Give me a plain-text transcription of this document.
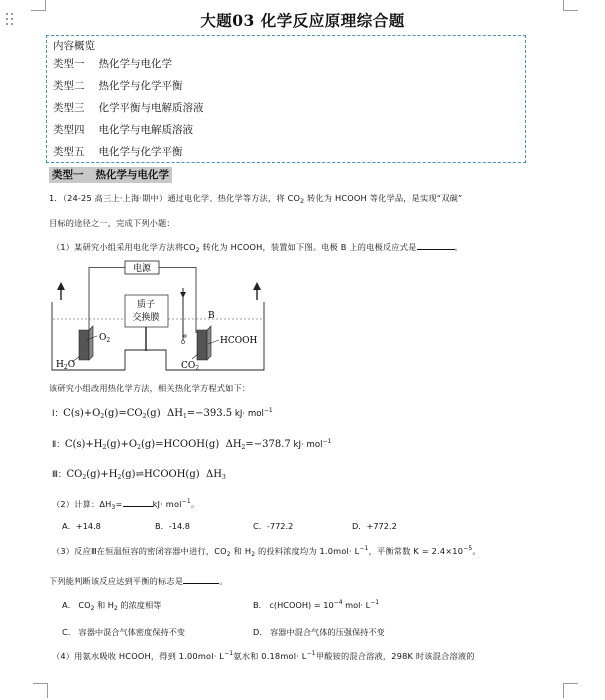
大题03 化学反应原理综合题
内容概览
类型一 热化学与电化学
类型二 热化学与化学平衡
类型三 化学平衡与电解质溶液
类型四 电化学与电解质溶液
类型五 电化学与化学平衡
类型一 热化学与电化学
1．（24-25 高三上·上海·期中）通过电化学、热化学等方法，将 $CO_2$ 转化为 HCOOH 等化学品，是实现“双碳”
目标的途径之一，完成下列小题：
（1）某研究小组采用电化学方法将$CO_2$ 转化为 HCOOH，装置如下图。电极 B 上的电极反应式是	。
电源
质子
交换膜	B
$O_2$	HCOOH
$H_2O$	$CO_2$
该研究小组改用热化学方法，相关热化学方程式如下：
Ⅰ：$C(s)+O_2(g)=CO_2(g)$ $\Delta H_1=-393.5$ kJ· mol$^{-1}$
Ⅱ：$C(s)+H_2(g)+O_2(g)=HCOOH(g)$ $\Delta H_2=-378.7$ kJ· mol$^{-1}$
Ⅲ：$CO_2(g)+H_2(g)\rightleftharpoons HCOOH(g)$ $\Delta H_3$
（2）计算：$\Delta H_3=$	kJ· mol$^{-1}$。
A．+14.8	B．-14.8	C．-772.2	D．+772.2
（3）反应Ⅲ在恒温恒容的密闭容器中进行，$CO_2$ 和 $H_2$ 的投料浓度均为 $1.0mol\cdot L^{-1}$，平衡常数 $K = 2.4\times 10^{-5}$。
下列能判断该反应达到平衡的标志是	。
A． $CO_2$ 和 $H_2$ 的浓度相等	B． c(HCOOH) = $10^{-4}$ $mol\cdot L^{-1}$
C． 容器中混合气体密度保持不变	D． 容器中混合气体的压强保持不变
（4）用氨水吸收 HCOOH，得到 $1.00mol\cdot L^{-1}$氨水和 $0.18mol\cdot L^{-1}$甲酸铵的混合溶液，298K 时该混合溶液的
